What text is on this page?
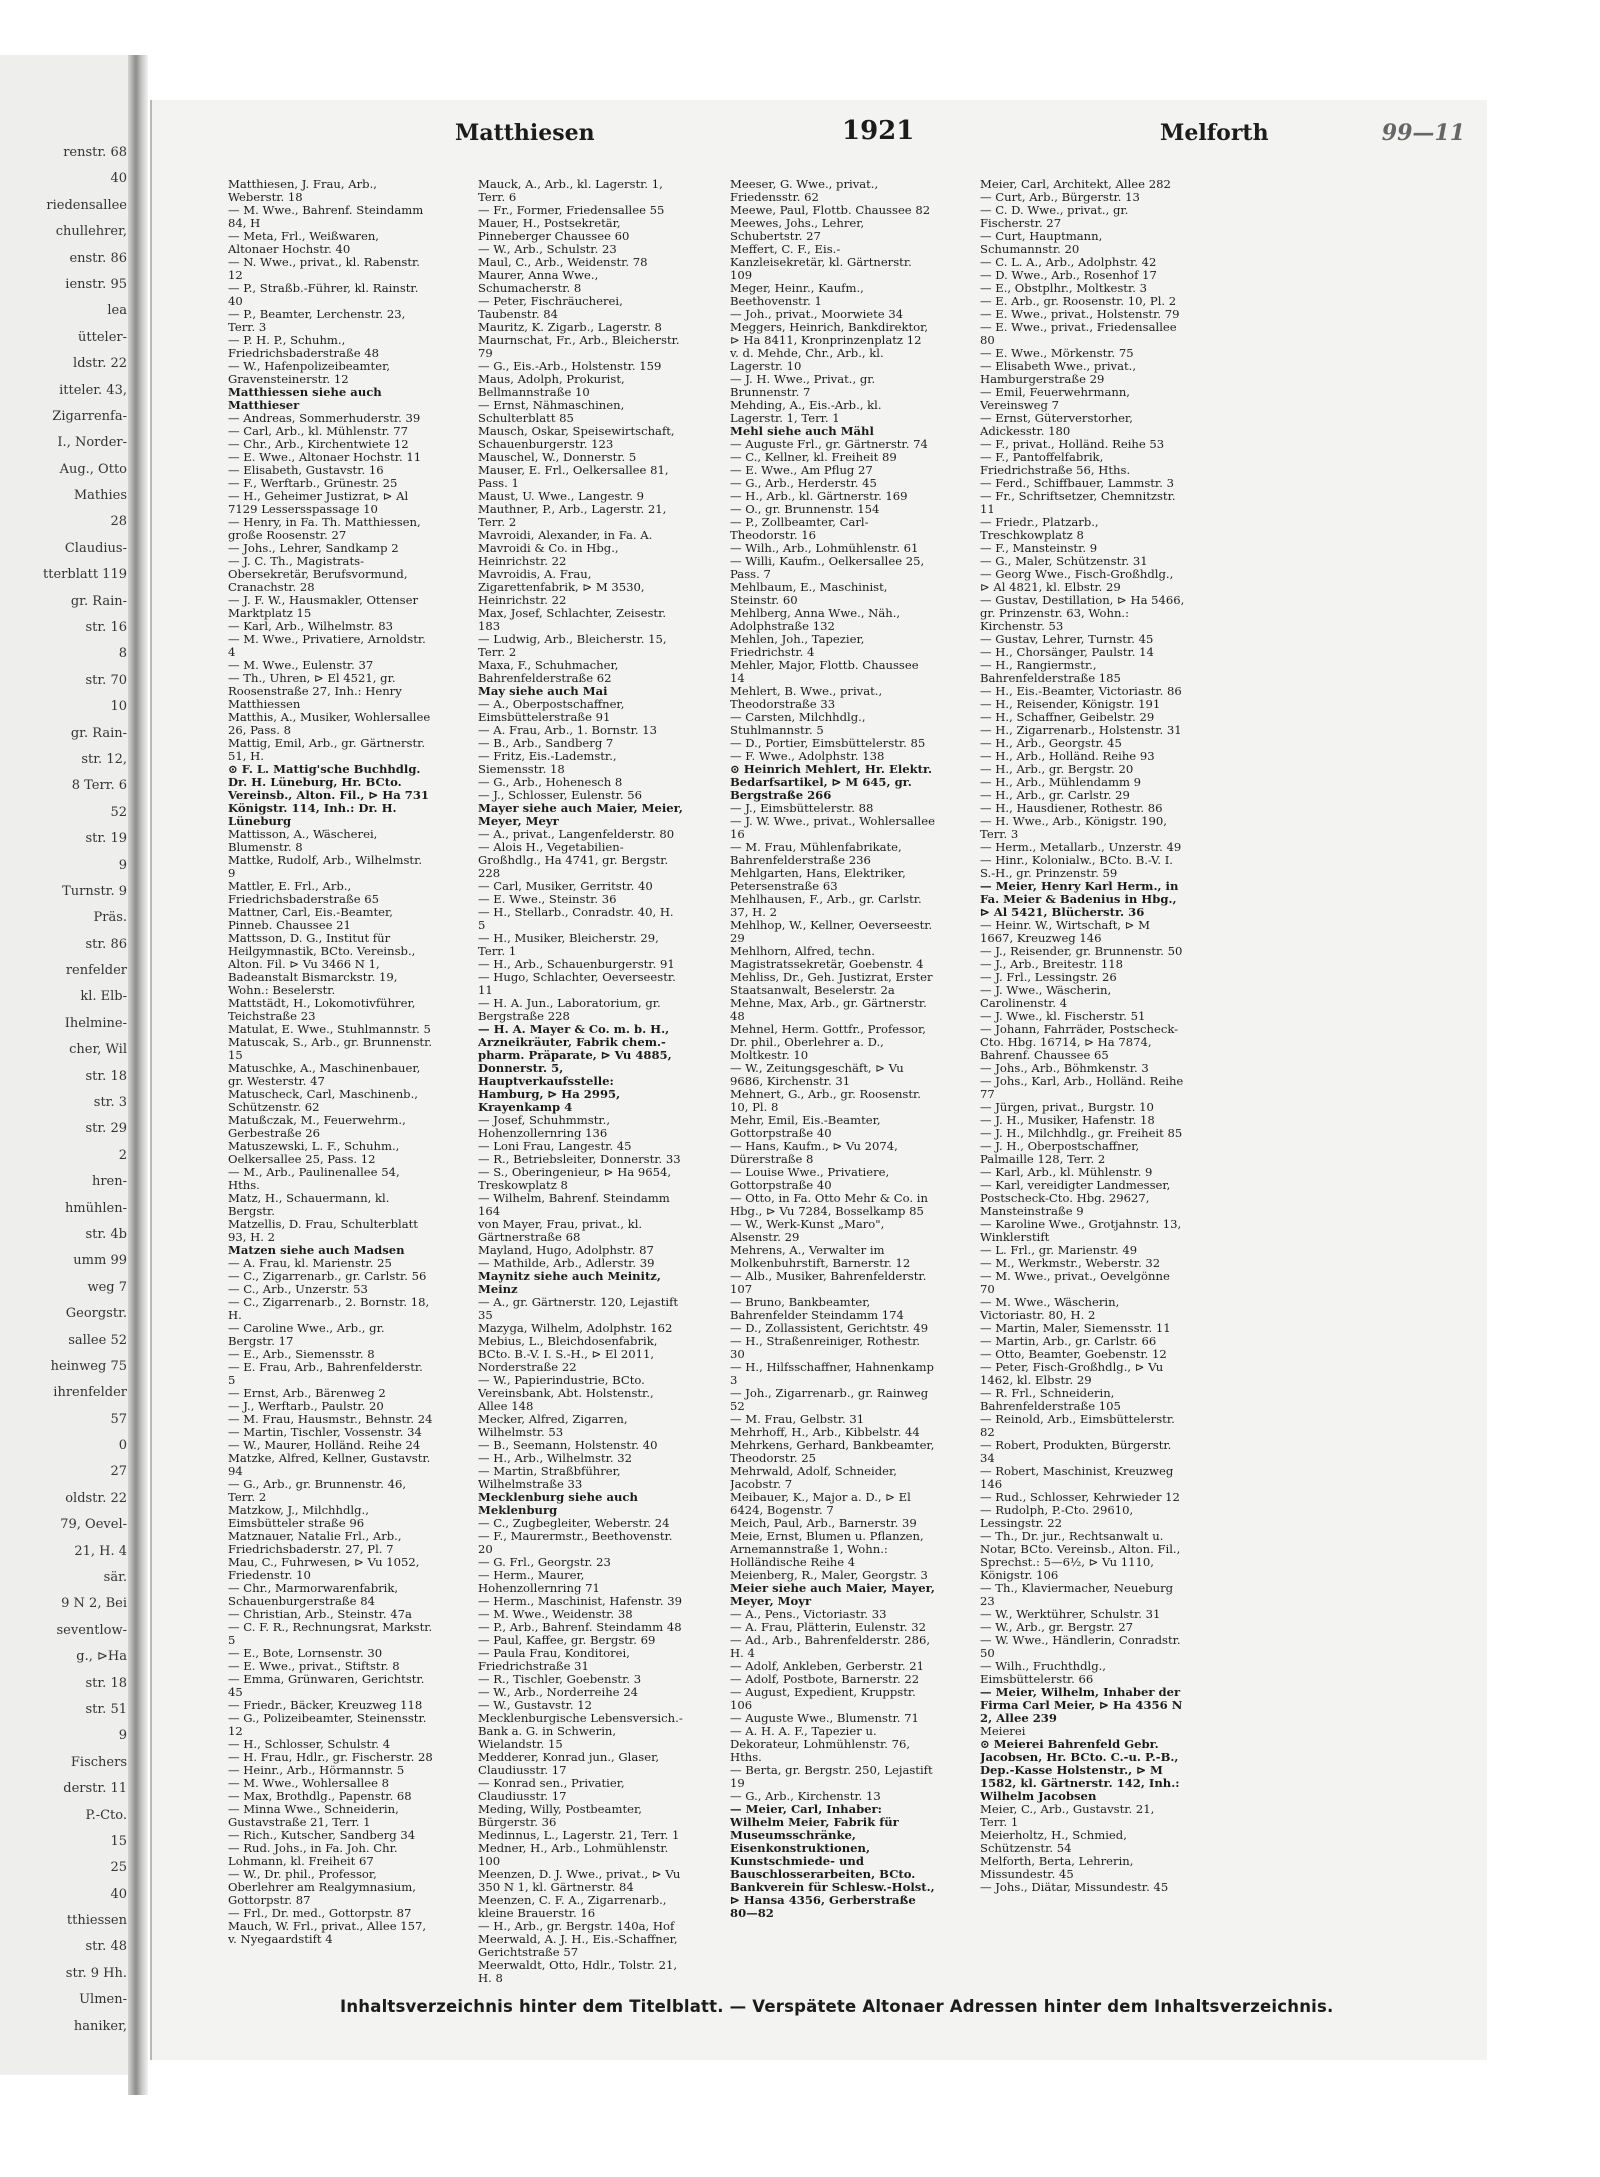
renstr. 68
40
riedensallee
chullehrer,
enstr. 86
ienstr. 95
lea
ütteler-
ldstr. 22
itteler. 43,
Zigarrenfa-
I., Norder-
Aug., Otto
Mathies
28
Claudius-
tterblatt 119
gr. Rain-
str. 16
8
str. 70
10
gr. Rain-
str. 12,
8 Terr. 6
52
str. 19
9
Turnstr. 9
Präs.
str. 86
renfelder
kl. Elb-
Ihelmine-
cher, Wil
str. 18
str. 3
str. 29
2
hren-
hmühlen-
str. 4b
umm 99
weg 7
Georgstr.
sallee 52
heinweg 75
ihrenfelder
57
0
27
oldstr. 22
79, Oevel-
21, H. 4
sär.
9 N 2, Bei
seventlow-
g., ⊳Ha
str. 18
str. 51
9
Fischers
derstr. 11
P.-Cto.
15
25
40
tthiessen
str. 48
str. 9 Hh.
Ulmen-
haniker,
Matthiesen	1921	Melforth	99—11

Matthiesen, J. Frau, Arb., Weberstr. 18

— M. Wwe., Bahrenf. Steindamm 84, H

— Meta, Frl., Weißwaren, Altonaer Hochstr. 40

— N. Wwe., privat., kl. Rabenstr. 12

— P., Straßb.-Führer, kl. Rainstr. 40

— P., Beamter, Lerchenstr. 23, Terr. 3

— P. H. P., Schuhm., Friedrichsbaderstraße 48

— W., Hafenpolizeibeamter, Gravensteinerstr. 12

Matthiessen siehe auch Matthieser

— Andreas, Sommerhuderstr. 39

— Carl, Arb., kl. Mühlenstr. 77

— Chr., Arb., Kirchentwiete 12

— E. Wwe., Altonaer Hochstr. 11

— Elisabeth, Gustavstr. 16

— F., Werftarb., Grünestr. 25

— H., Geheimer Justizrat, ⊳ Al 7129 Lessersspassage 10

— Henry, in Fa. Th. Matthiessen, große Roosenstr. 27

— Johs., Lehrer, Sandkamp 2

— J. C. Th., Magistrats-Obersekretär, Berufsvormund, Cranachstr. 28

— J. F. W., Hausmakler, Ottenser Marktplatz 15

— Karl, Arb., Wilhelmstr. 83

— M. Wwe., Privatiere, Arnoldstr. 4

— M. Wwe., Eulenstr. 37

— Th., Uhren, ⊳ El 4521, gr. Roosenstraße 27, Inh.: Henry Matthiessen

Matthis, A., Musiker, Wohlersallee 26, Pass. 8

Mattig, Emil, Arb., gr. Gärtnerstr. 51, H.

⊙ F. L. Mattig'sche Buchhdlg. Dr. H. Lüneburg, Hr. BCto. Vereinsb., Alton. Fil., ⊳ Ha 731 Königstr. 114, Inh.: Dr. H. Lüneburg

Mattisson, A., Wäscherei, Blumenstr. 8

Mattke, Rudolf, Arb., Wilhelmstr. 9

Mattler, E. Frl., Arb., Friedrichsbaderstraße 65

Mattner, Carl, Eis.-Beamter, Pinneb. Chaussee 21

Mattsson, D. G., Institut für Heilgymnastik, BCto. Vereinsb., Alton. Fil. ⊳ Vu 3466 N 1, Badeanstalt Bismarckstr. 19, Wohn.: Beselerstr.

Mattstädt, H., Lokomotivführer, Teichstraße 23

Matulat, E. Wwe., Stuhlmannstr. 5

Matuscak, S., Arb., gr. Brunnenstr. 15

Matuschke, A., Maschinenbauer, gr. Westerstr. 47

Matuscheck, Carl, Maschinenb., Schützenstr. 62

Matußczak, M., Feuerwehrm., Gerbestraße 26

Matuszewski, L. F., Schuhm., Oelkersallee 25, Pass. 12

— M., Arb., Paulinenallee 54, Hths.

Matz, H., Schauermann, kl. Bergstr.

Matzellis, D. Frau, Schulterblatt 93, H. 2

Matzen siehe auch Madsen

— A. Frau, kl. Marienstr. 25

— C., Zigarrenarb., gr. Carlstr. 56

— C., Arb., Unzerstr. 53

— C., Zigarrenarb., 2. Bornstr. 18, H.

— Caroline Wwe., Arb., gr. Bergstr. 17

— E., Arb., Siemensstr. 8

— E. Frau, Arb., Bahrenfelderstr. 5

— Ernst, Arb., Bärenweg 2

— J., Werftarb., Paulstr. 20

— M. Frau, Hausmstr., Behnstr. 24

— Martin, Tischler, Vossenstr. 34

— W., Maurer, Holländ. Reihe 24

Matzke, Alfred, Kellner, Gustavstr. 94

— G., Arb., gr. Brunnenstr. 46, Terr. 2

Matzkow, J., Milchhdlg., Eimsbütteler straße 96

Matznauer, Natalie Frl., Arb., Friedrichsbaderstr. 27, Pl. 7

Mau, C., Fuhrwesen, ⊳ Vu 1052, Friedenstr. 10

— Chr., Marmorwarenfabrik, Schauenburgerstraße 84

— Christian, Arb., Steinstr. 47a

— C. F. R., Rechnungsrat, Markstr. 5

— E., Bote, Lornsenstr. 30

— E. Wwe., privat., Stiftstr. 8

— Emma, Grünwaren, Gerichtstr. 45

— Friedr., Bäcker, Kreuzweg 118

— G., Polizeibeamter, Steinensstr. 12

— H., Schlosser, Schulstr. 4

— H. Frau, Hdlr., gr. Fischerstr. 28

— Heinr., Arb., Hörmannstr. 5

— M. Wwe., Wohlersallee 8

— Max, Brothdlg., Papenstr. 68

— Minna Wwe., Schneiderin, Gustavstraße 21, Terr. 1

— Rich., Kutscher, Sandberg 34

— Rud. Johs., in Fa. Joh. Chr. Lohmann, kl. Freiheit 67

— W., Dr. phil., Professor, Oberlehrer am Realgymnasium, Gottorpstr. 87

— Frl., Dr. med., Gottorpstr. 87

Mauch, W. Frl., privat., Allee 157, v. Nyegaardstift 4

Mauck, A., Arb., kl. Lagerstr. 1, Terr. 6

— Fr., Former, Friedensallee 55

Mauer, H., Postsekretär, Pinneberger Chaussee 60

— W., Arb., Schulstr. 23

Maul, C., Arb., Weidenstr. 78

Maurer, Anna Wwe., Schumacherstr. 8

— Peter, Fischräucherei, Taubenstr. 84

Mauritz, K. Zigarb., Lagerstr. 8

Maurnschat, Fr., Arb., Bleicherstr. 79

— G., Eis.-Arb., Holstenstr. 159

Maus, Adolph, Prokurist, Bellmannstraße 10

— Ernst, Nähmaschinen, Schulterblatt 85

Mausch, Oskar, Speisewirtschaft, Schauenburgerstr. 123

Mauschel, W., Donnerstr. 5

Mauser, E. Frl., Oelkersallee 81, Pass. 1

Maust, U. Wwe., Langestr. 9

Mauthner, P., Arb., Lagerstr. 21, Terr. 2

Mavroidi, Alexander, in Fa. A. Mavroidi & Co. in Hbg., Heinrichstr. 22

Mavroidis, A. Frau, Zigarettenfabrik, ⊳ M 3530, Heinrichstr. 22

Max, Josef, Schlachter, Zeisestr. 183

— Ludwig, Arb., Bleicherstr. 15, Terr. 2

Maxa, F., Schuhmacher, Bahrenfelderstraße 62

May siehe auch Mai

— A., Oberpostschaffner, Eimsbüttelerstraße 91

— A. Frau, Arb., 1. Bornstr. 13

— B., Arb., Sandberg 7

— Fritz, Eis.-Lademstr., Siemensstr. 18

— G., Arb., Hohenesch 8

— J., Schlosser, Eulenstr. 56

Mayer siehe auch Maier, Meier, Meyer, Meyr

— A., privat., Langenfelderstr. 80

— Alois H., Vegetabilien-Großhdlg., Ha 4741, gr. Bergstr. 228

— Carl, Musiker, Gerritstr. 40

— E. Wwe., Steinstr. 36

— H., Stellarb., Conradstr. 40, H. 5

— H., Musiker, Bleicherstr. 29, Terr. 1

— H., Arb., Schauenburgerstr. 91

— Hugo, Schlachter, Oeverseestr. 11

— H. A. Jun., Laboratorium, gr. Bergstraße 228

— H. A. Mayer & Co. m. b. H., Arzneikräuter, Fabrik chem.-pharm. Präparate, ⊳ Vu 4885, Donnerstr. 5, Hauptverkaufsstelle: Hamburg, ⊳ Ha 2995, Krayenkamp 4

— Josef, Schuhmmstr., Hohenzollernring 136

— Loni Frau, Langestr. 45

— R., Betriebsleiter, Donnerstr. 33

— S., Oberingenieur, ⊳ Ha 9654, Treskowplatz 8

— Wilhelm, Bahrenf. Steindamm 164

von Mayer, Frau, privat., kl. Gärtnerstraße 68

Mayland, Hugo, Adolphstr. 87

— Mathilde, Arb., Adlerstr. 39

Maynitz siehe auch Meinitz, Meinz

— A., gr. Gärtnerstr. 120, Lejastift 35

Mazyga, Wilhelm, Adolphstr. 162

Mebius, L., Bleichdosenfabrik, BCto. B.-V. I. S.-H., ⊳ El 2011, Norderstraße 22

— W., Papierindustrie, BCto. Vereinsbank, Abt. Holstenstr., Allee 148

Mecker, Alfred, Zigarren, Wilhelmstr. 53

— B., Seemann, Holstenstr. 40

— H., Arb., Wilhelmstr. 32

— Martin, Straßbführer, Wilhelmstraße 33

Mecklenburg siehe auch Meklenburg

— C., Zugbegleiter, Weberstr. 24

— F., Maurermstr., Beethovenstr. 20

— G. Frl., Georgstr. 23

— Herm., Maurer, Hohenzollernring 71

— Herm., Maschinist, Hafenstr. 39

— M. Wwe., Weidenstr. 38

— P., Arb., Bahrenf. Steindamm 48

— Paul, Kaffee, gr. Bergstr. 69

— Paula Frau, Konditorei, Friedrichstraße 31

— R., Tischler, Goebenstr. 3

— W., Arb., Norderreihe 24

— W., Gustavstr. 12

Mecklenburgische Lebensversich.-Bank a. G. in Schwerin, Wielandstr. 15

Medderer, Konrad jun., Glaser, Claudiusstr. 17

— Konrad sen., Privatier, Claudiusstr. 17

Meding, Willy, Postbeamter, Bürgerstr. 36

Medinnus, L., Lagerstr. 21, Terr. 1

Medner, H., Arb., Lohmühlenstr. 100

Meenzen, D. J. Wwe., privat., ⊳ Vu 350 N 1, kl. Gärtnerstr. 84

Meenzen, C. F. A., Zigarrenarb., kleine Brauerstr. 16

— H., Arb., gr. Bergstr. 140a, Hof

Meerwald, A. J. H., Eis.-Schaffner, Gerichtstraße 57

Meerwaldt, Otto, Hdlr., Tolstr. 21, H. 8

Meeser, G. Wwe., privat., Friedensstr. 62

Meewe, Paul, Flottb. Chaussee 82

Meewes, Johs., Lehrer, Schubertstr. 27

Meffert, C. F., Eis.-Kanzleisekretär, kl. Gärtnerstr. 109

Meger, Heinr., Kaufm., Beethovenstr. 1

— Joh., privat., Moorwiete 34

Meggers, Heinrich, Bankdirektor, ⊳ Ha 8411, Kronprinzenplatz 12

v. d. Mehde, Chr., Arb., kl. Lagerstr. 10

— J. H. Wwe., Privat., gr. Brunnenstr. 7

Mehding, A., Eis.-Arb., kl. Lagerstr. 1, Terr. 1

Mehl siehe auch Mähl

— Auguste Frl., gr. Gärtnerstr. 74

— C., Kellner, kl. Freiheit 89

— E. Wwe., Am Pflug 27

— G., Arb., Herderstr. 45

— H., Arb., kl. Gärtnerstr. 169

— O., gr. Brunnenstr. 154

— P., Zollbeamter, Carl-Theodorstr. 16

— Wilh., Arb., Lohmühlenstr. 61

— Willi, Kaufm., Oelkersallee 25, Pass. 7

Mehlbaum, E., Maschinist, Steinstr. 60

Mehlberg, Anna Wwe., Näh., Adolphstraße 132

Mehlen, Joh., Tapezier, Friedrichstr. 4

Mehler, Major, Flottb. Chaussee 14

Mehlert, B. Wwe., privat., Theodorstraße 33

— Carsten, Milchhdlg., Stuhlmannstr. 5

— D., Portier, Eimsbüttelerstr. 85

— F. Wwe., Adolphstr. 138

⊙ Heinrich Mehlert, Hr. Elektr. Bedarfsartikel, ⊳ M 645, gr. Bergstraße 266

— J., Eimsbüttelerstr. 88

— J. W. Wwe., privat., Wohlersallee 16

— M. Frau, Mühlenfabrikate, Bahrenfelderstraße 236

Mehlgarten, Hans, Elektriker, Petersenstraße 63

Mehlhausen, F., Arb., gr. Carlstr. 37, H. 2

Mehlhop, W., Kellner, Oeverseestr. 29

Mehlhorn, Alfred, techn. Magistratssekretär, Goebenstr. 4

Mehliss, Dr., Geh. Justizrat, Erster Staatsanwalt, Beselerstr. 2a

Mehne, Max, Arb., gr. Gärtnerstr. 48

Mehnel, Herm. Gottfr., Professor, Dr. phil., Oberlehrer a. D., Moltkestr. 10

— W., Zeitungsgeschäft, ⊳ Vu 9686, Kirchenstr. 31

Mehnert, G., Arb., gr. Roosenstr. 10, Pl. 8

Mehr, Emil, Eis.-Beamter, Gottorpstraße 40

— Hans, Kaufm., ⊳ Vu 2074, Dürerstraße 8

— Louise Wwe., Privatiere, Gottorpstraße 40

— Otto, in Fa. Otto Mehr & Co. in Hbg., ⊳ Vu 7284, Bosselkamp 85

— W., Werk-Kunst „Maro", Alsenstr. 29

Mehrens, A., Verwalter im Molkenbuhrstift, Barnerstr. 12

— Alb., Musiker, Bahrenfelderstr. 107

— Bruno, Bankbeamter, Bahrenfelder Steindamm 174

— D., Zollassistent, Gerichtstr. 49

— H., Straßenreiniger, Rothestr. 30

— H., Hilfsschaffner, Hahnenkamp 3

— Joh., Zigarrenarb., gr. Rainweg 52

— M. Frau, Gelbstr. 31

Mehrhoff, H., Arb., Kibbelstr. 44

Mehrkens, Gerhard, Bankbeamter, Theodorstr. 25

Mehrwald, Adolf, Schneider, Jacobstr. 7

Meibauer, K., Major a. D., ⊳ El 6424, Bogenstr. 7

Meich, Paul, Arb., Barnerstr. 39

Meie, Ernst, Blumen u. Pflanzen, Arnemannstraße 1, Wohn.: Holländische Reihe 4

Meienberg, R., Maler, Georgstr. 3

Meier siehe auch Maier, Mayer, Meyer, Moyr

— A., Pens., Victoriastr. 33

— A. Frau, Plätterin, Eulenstr. 32

— Ad., Arb., Bahrenfelderstr. 286, H. 4

— Adolf, Ankleben, Gerberstr. 21

— Adolf, Postbote, Barnerstr. 22

— August, Expedient, Kruppstr. 106

— Auguste Wwe., Blumenstr. 71

— A. H. A. F., Tapezier u. Dekorateur, Lohmühlenstr. 76, Hths.

— Berta, gr. Bergstr. 250, Lejastift 19

— G., Arb., Kirchenstr. 13

— Meier, Carl, Inhaber: Wilhelm Meier, Fabrik für Museumsschränke, Eisenkonstruktionen, Kunstschmiede- und Bauschlosserarbeiten, BCto. Bankverein für Schlesw.-Holst., ⊳ Hansa 4356, Gerberstraße 80—82

Meier, Carl, Architekt, Allee 282

— Curt, Arb., Bürgerstr. 13

— C. D. Wwe., privat., gr. Fischerstr. 27

— Curt, Hauptmann, Schumannstr. 20

— C. L. A., Arb., Adolphstr. 42

— D. Wwe., Arb., Rosenhof 17

— E., Obstplhr., Moltkestr. 3

— E. Arb., gr. Roosenstr. 10, Pl. 2

— E. Wwe., privat., Holstenstr. 79

— E. Wwe., privat., Friedensallee 80

— E. Wwe., Mörkenstr. 75

— Elisabeth Wwe., privat., Hamburgerstraße 29

— Emil, Feuerwehrmann, Vereinsweg 7

— Ernst, Güterverstorher, Adickesstr. 180

— F., privat., Holländ. Reihe 53

— F., Pantoffelfabrik, Friedrichstraße 56, Hths.

— Ferd., Schiffbauer, Lammstr. 3

— Fr., Schriftsetzer, Chemnitzstr. 11

— Friedr., Platzarb., Treschkowplatz 8

— F., Mansteinstr. 9

— G., Maler, Schützenstr. 31

— Georg Wwe., Fisch-Großhdlg., ⊳ Al 4821, kl. Elbstr. 29

— Gustav, Destillation, ⊳ Ha 5466, gr. Prinzenstr. 63, Wohn.: Kirchenstr. 53

— Gustav, Lehrer, Turnstr. 45

— H., Chorsänger, Paulstr. 14

— H., Rangiermstr., Bahrenfelderstraße 185

— H., Eis.-Beamter, Victoriastr. 86

— H., Reisender, Königstr. 191

— H., Schaffner, Geibelstr. 29

— H., Zigarrenarb., Holstenstr. 31

— H., Arb., Georgstr. 45

— H., Arb., Holländ. Reihe 93

— H., Arb., gr. Bergstr. 20

— H., Arb., Mühlendamm 9

— H., Arb., gr. Carlstr. 29

— H., Hausdiener, Rothestr. 86

— H. Wwe., Arb., Königstr. 190, Terr. 3

— Herm., Metallarb., Unzerstr. 49

— Hinr., Kolonialw., BCto. B.-V. I. S.-H., gr. Prinzenstr. 59

— Meier, Henry Karl Herm., in Fa. Meier & Badenius in Hbg., ⊳ Al 5421, Blücherstr. 36

— Heinr. W., Wirtschaft, ⊳ M 1667, Kreuzweg 146

— J., Reisender, gr. Brunnenstr. 50

— J., Arb., Breitestr. 118

— J. Frl., Lessingstr. 26

— J. Wwe., Wäscherin, Carolinenstr. 4

— J. Wwe., kl. Fischerstr. 51

— Johann, Fahrräder, Postscheck-Cto. Hbg. 16714, ⊳ Ha 7874, Bahrenf. Chaussee 65

— Johs., Arb., Böhmkenstr. 3

— Johs., Karl, Arb., Holländ. Reihe 77

— Jürgen, privat., Burgstr. 10

— J. H., Musiker, Hafenstr. 18

— J. H., Milchhdlg., gr. Freiheit 85

— J. H., Oberpostschaffner, Palmaille 128, Terr. 2

— Karl, Arb., kl. Mühlenstr. 9

— Karl, vereidigter Landmesser, Postscheck-Cto. Hbg. 29627, Mansteinstraße 9

— Karoline Wwe., Grotjahnstr. 13, Winklerstift

— L. Frl., gr. Marienstr. 49

— M., Werkmstr., Weberstr. 32

— M. Wwe., privat., Oevelgönne 70

— M. Wwe., Wäscherin, Victoriastr. 80, H. 2

— Martin, Maler, Siemensstr. 11

— Martin, Arb., gr. Carlstr. 66

— Otto, Beamter, Goebenstr. 12

— Peter, Fisch-Großhdlg., ⊳ Vu 1462, kl. Elbstr. 29

— R. Frl., Schneiderin, Bahrenfelderstraße 105

— Reinold, Arb., Eimsbüttelerstr. 82

— Robert, Produkten, Bürgerstr. 34

— Robert, Maschinist, Kreuzweg 146

— Rud., Schlosser, Kehrwieder 12

— Rudolph, P.-Cto. 29610, Lessingstr. 22

— Th., Dr. jur., Rechtsanwalt u. Notar, BCto. Vereinsb., Alton. Fil., Sprechst.: 5—6½, ⊳ Vu 1110, Königstr. 106

— Th., Klaviermacher, Neueburg 23

— W., Werktührer, Schulstr. 31

— W., Arb., gr. Bergstr. 27

— W. Wwe., Händlerin, Conradstr. 50

— Wilh., Fruchthdlg., Eimsbüttelerstr. 66

— Meier, Wilhelm, Inhaber der Firma Carl Meier, ⊳ Ha 4356 N 2, Allee 239

Meierei

⊙ Meierei Bahrenfeld Gebr. Jacobsen, Hr. BCto. C.-u. P.-B., Dep.-Kasse Holstenstr., ⊳ M 1582, kl. Gärtnerstr. 142, Inh.: Wilhelm Jacobsen

Meier, C., Arb., Gustavstr. 21, Terr. 1

Meierholtz, H., Schmied, Schützenstr. 54

Melforth, Berta, Lehrerin, Missundestr. 45

— Johs., Diätar, Missundestr. 45

Inhaltsverzeichnis hinter dem Titelblatt. — Verspätete Altonaer Adressen hinter dem Inhaltsverzeichnis.
